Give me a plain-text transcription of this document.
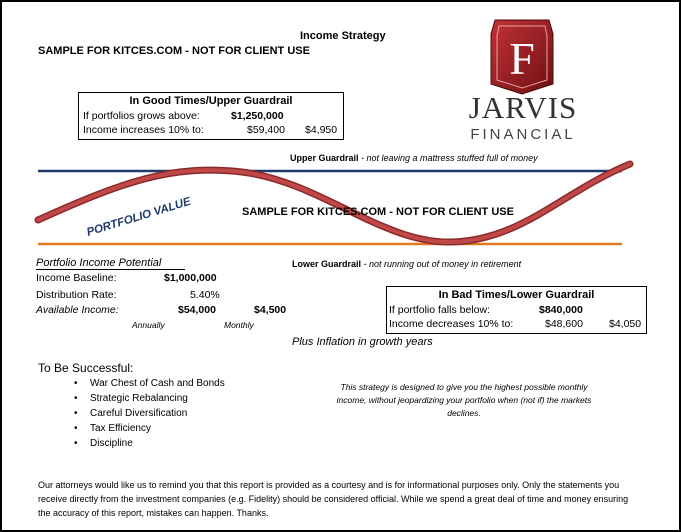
Income Strategy
SAMPLE FOR KITCES.COM - NOT FOR CLIENT USE	F
JARVIS
FINANCIAL
In Good Times/Upper Guardrail
If portfolios grows above:	$1,250,000
Income increases 10% to:	$59,400 $4,950
Upper Guardrail - not leaving a mattress stuffed full of money
PORTFOLIO VALUE	SAMPLE FOR KITCES.COM - NOT FOR CLIENT USE
Lower Guardrail - not running out of money in retirement
Portfolio Income Potential
Income Baseline:	$1,000,000
Distribution Rate:	5.40%
Available Income:	$54,000	$4,500
Annually	Monthly
In Bad Times/Lower Guardrail
If portfolio falls below:	$840,000
Income decreases 10% to:	$48,600 $4,050
Plus Inflation in growth years
To Be Successful:
• War Chest of Cash and Bonds
• Strategic Rebalancing
• Careful Diversification
• Tax Efficiency
• Discipline
This strategy is designed to give you the highest possible monthly income, without jeopardizing your portfolio when (not if) the markets declines.
Our attorneys would like us to remind you that this report is provided as a courtesy and is for informational purposes only. Only the statements you receive directly from the investment companies (e.g. Fidelity) should be considered official. While we spend a great deal of time and money ensuring the accuracy of this report, mistakes can happen. Thanks.
